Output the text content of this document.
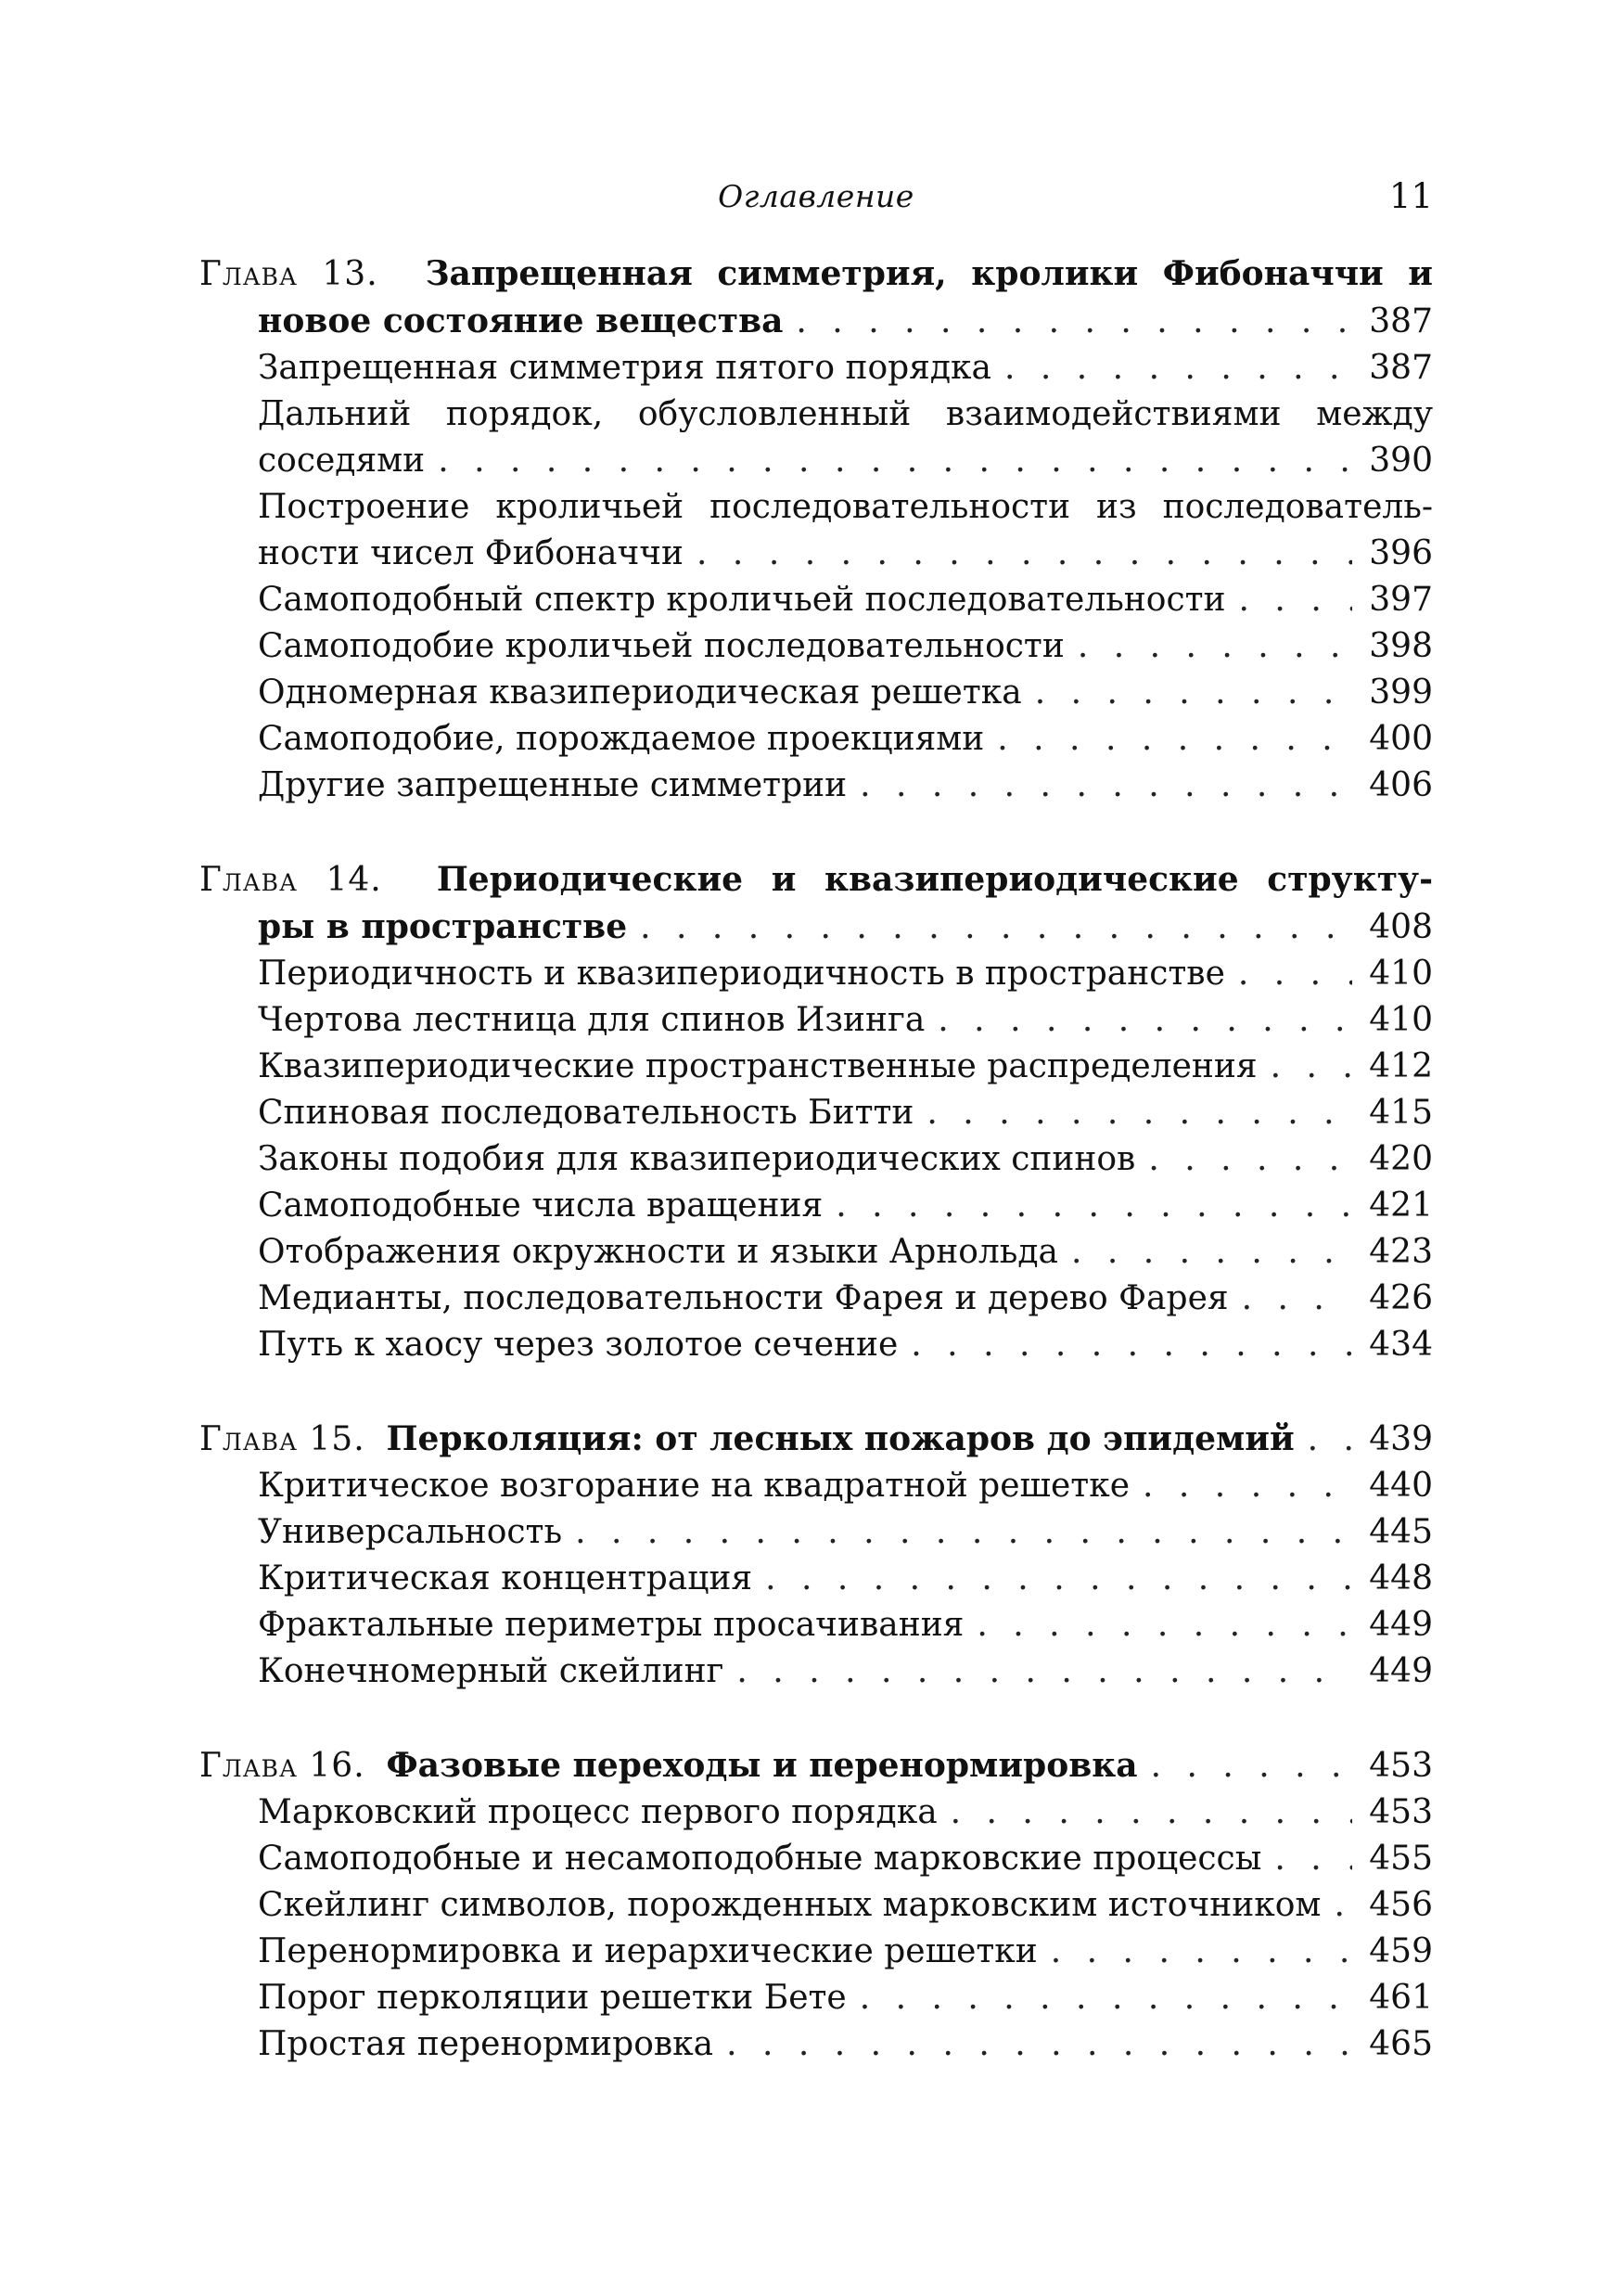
Оглавление	11
Глава 13. Запрещенная симметрия, кролики Фибоначчи и
новое состояние вещества . . .	387
Запрещенная симметрия пятого порядка . . .	387
Дальний порядок, обусловленный взаимодействиями между
соседями . . .	390
Построение кроличьей последовательности из последователь-
ности чисел Фибоначчи . . .	396
Самоподобный спектр кроличьей последовательности . . .	397
Самоподобие кроличьей последовательности . . .	398
Одномерная квазипериодическая решетка . . .	399
Самоподобие, порождаемое проекциями . . .	400
Другие запрещенные симметрии . . .	406
Глава 14. Периодические и квазипериодические структу-
ры в пространстве . . .	408
Периодичность и квазипериодичность в пространстве . . .	410
Чертова лестница для спинов Изинга . . .	410
Квазипериодические пространственные распределения . . .	412
Спиновая последовательность Битти . . .	415
Законы подобия для квазипериодических спинов . . .	420
Самоподобные числа вращения . . .	421
Отображения окружности и языки Арнольда . . .	423
Медианты, последовательности Фарея и дерево Фарея . . .	426
Путь к хаосу через золотое сечение . . .	434
Глава 15. Перколяция: от лесных пожаров до эпидемий . . . 439
Критическое возгорание на квадратной решетке . . .	440
Универсальность . . .	445
Критическая концентрация . . .	448
Фрактальные периметры просачивания . . .	449
Конечномерный скейлинг . . .	449
Глава 16. Фазовые переходы и перенормировка . . .	453
Марковский процесс первого порядка . . .	453
Самоподобные и несамоподобные марковские процессы . . .	455
Скейлинг символов, порожденных марковским источником . . . 456
Перенормировка и иерархические решетки . . .	459
Порог перколяции решетки Бете . . .	461
Простая перенормировка . . .	465
